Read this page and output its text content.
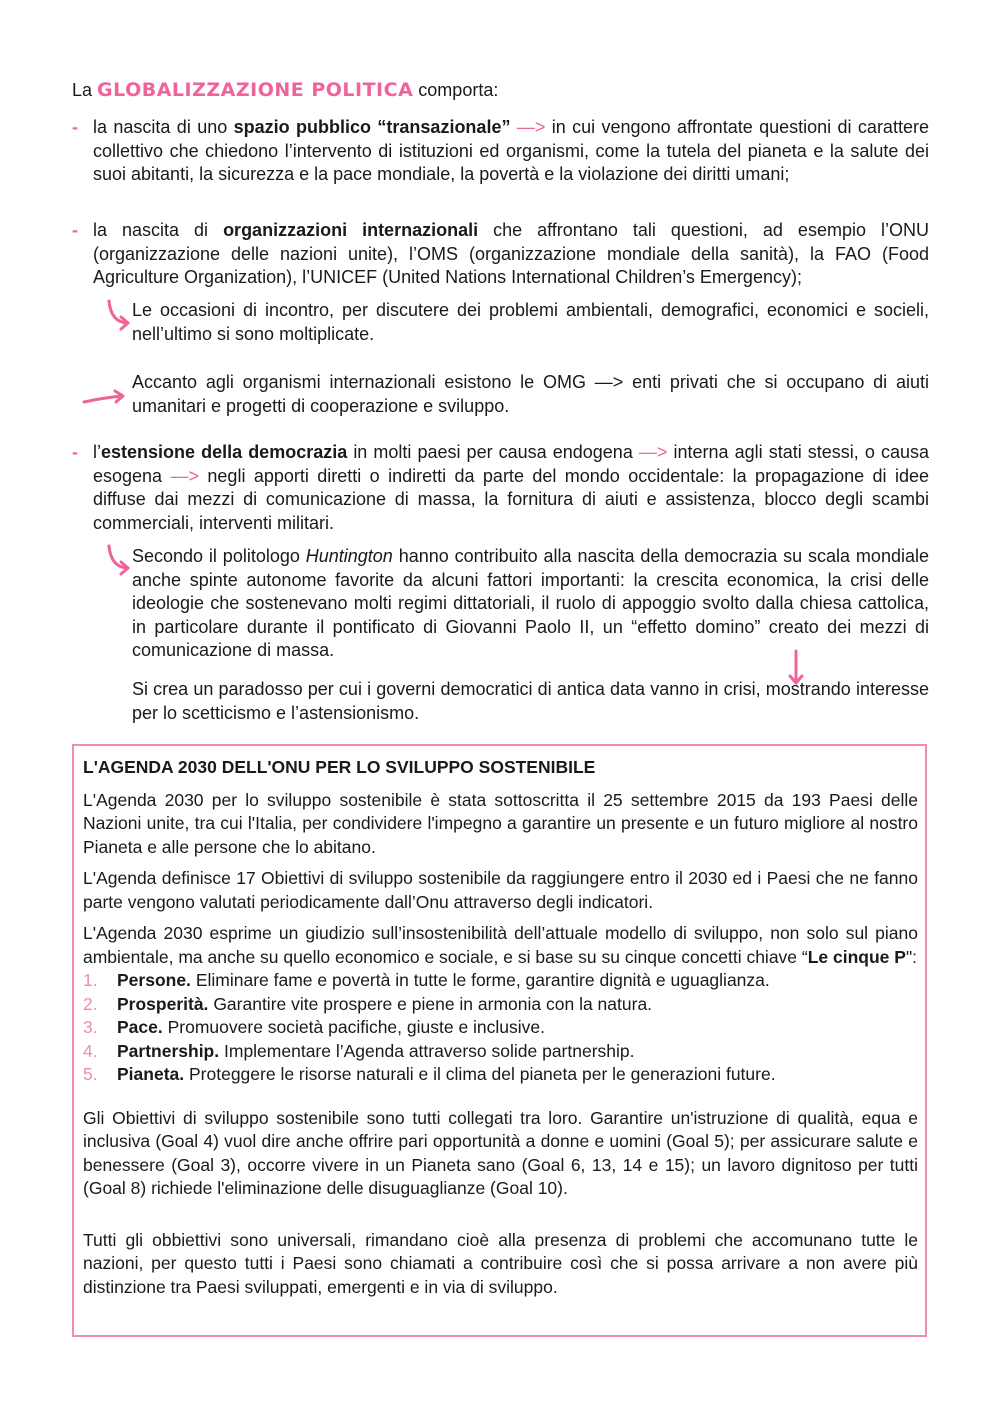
La GLOBALIZZAZIONE POLITICA comporta:
- la nascita di uno spazio pubblico “transazionale” —> in cui vengono affrontate questioni di carattere collettivo che chiedono l’intervento di istituzioni ed organismi, come la tutela del pianeta e la salute dei suoi abitanti, la sicurezza e la pace mondiale, la povertà e la violazione dei diritti umani;
- la nascita di organizzazioni internazionali che affrontano tali questioni, ad esempio l’ONU (organizzazione delle nazioni unite), l’OMS (organizzazione mondiale della sanità), la FAO (Food Agriculture Organization), l’UNICEF (United Nations International Children’s Emergency);
Le occasioni di incontro, per discutere dei problemi ambientali, demografici, economici e socieli, nell’ultimo si sono moltiplicate.
Accanto agli organismi internazionali esistono le OMG —> enti privati che si occupano di aiuti umanitari e progetti di cooperazione e sviluppo.
- l’estensione della democrazia in molti paesi per causa endogena —> interna agli stati stessi, o causa esogena —> negli apporti diretti o indiretti da parte del mondo occidentale: la propagazione di idee diffuse dai mezzi di comunicazione di massa, la fornitura di aiuti e assistenza, blocco degli scambi commerciali, interventi militari.
Secondo il politologo Huntington hanno contribuito alla nascita della democrazia su scala mondiale anche spinte autonome favorite da alcuni fattori importanti: la crescita economica, la crisi delle ideologie che sostenevano molti regimi dittatoriali, il ruolo di appoggio svolto dalla chiesa cattolica, in particolare durante il pontificato di Giovanni Paolo II, un “effetto domino” creato dei mezzi di comunicazione di massa.
Si crea un paradosso per cui i governi democratici di antica data vanno in crisi, mostrando interesse per lo scetticismo e l’astensionismo.
L'AGENDA 2030 DELL'ONU PER LO SVILUPPO SOSTENIBILE

L'Agenda 2030 per lo sviluppo sostenibile è stata sottoscritta il 25 settembre 2015 da 193 Paesi delle Nazioni unite, tra cui l'Italia, per condividere l'impegno a garantire un presente e un futuro migliore al nostro Pianeta e alle persone che lo abitano.

L'Agenda definisce 17 Obiettivi di sviluppo sostenibile da raggiungere entro il 2030 ed i Paesi che ne fanno parte vengono valutati periodicamente dall’Onu attraverso degli indicatori.

L'Agenda 2030 esprime un giudizio sull’insostenibilità dell’attuale modello di sviluppo, non solo sul piano ambientale, ma anche su quello economico e sociale, e si base su su cinque concetti chiave “Le cinque P":

1.	Persone. Eliminare fame e povertà in tutte le forme, garantire dignità e uguaglianza.
2.	Prosperità. Garantire vite prospere e piene in armonia con la natura.
3.	Pace. Promuovere società pacifiche, giuste e inclusive.
4.	Partnership. Implementare l’Agenda attraverso solide partnership.
5.	Pianeta. Proteggere le risorse naturali e il clima del pianeta per le generazioni future.

Gli Obiettivi di sviluppo sostenibile sono tutti collegati tra loro. Garantire un'istruzione di qualità, equa e inclusiva (Goal 4) vuol dire anche offrire pari opportunità a donne e uomini (Goal 5); per assicurare salute e benessere (Goal 3), occorre vivere in un Pianeta sano (Goal 6, 13, 14 e 15); un lavoro dignitoso per tutti (Goal 8) richiede l'eliminazione delle disuguaglianze (Goal 10).

Tutti gli obbiettivi sono universali, rimandano cioè alla presenza di problemi che accomunano tutte le nazioni, per questo tutti i Paesi sono chiamati a contribuire così che si possa arrivare a non avere più distinzione tra Paesi sviluppati, emergenti e in via di sviluppo.
